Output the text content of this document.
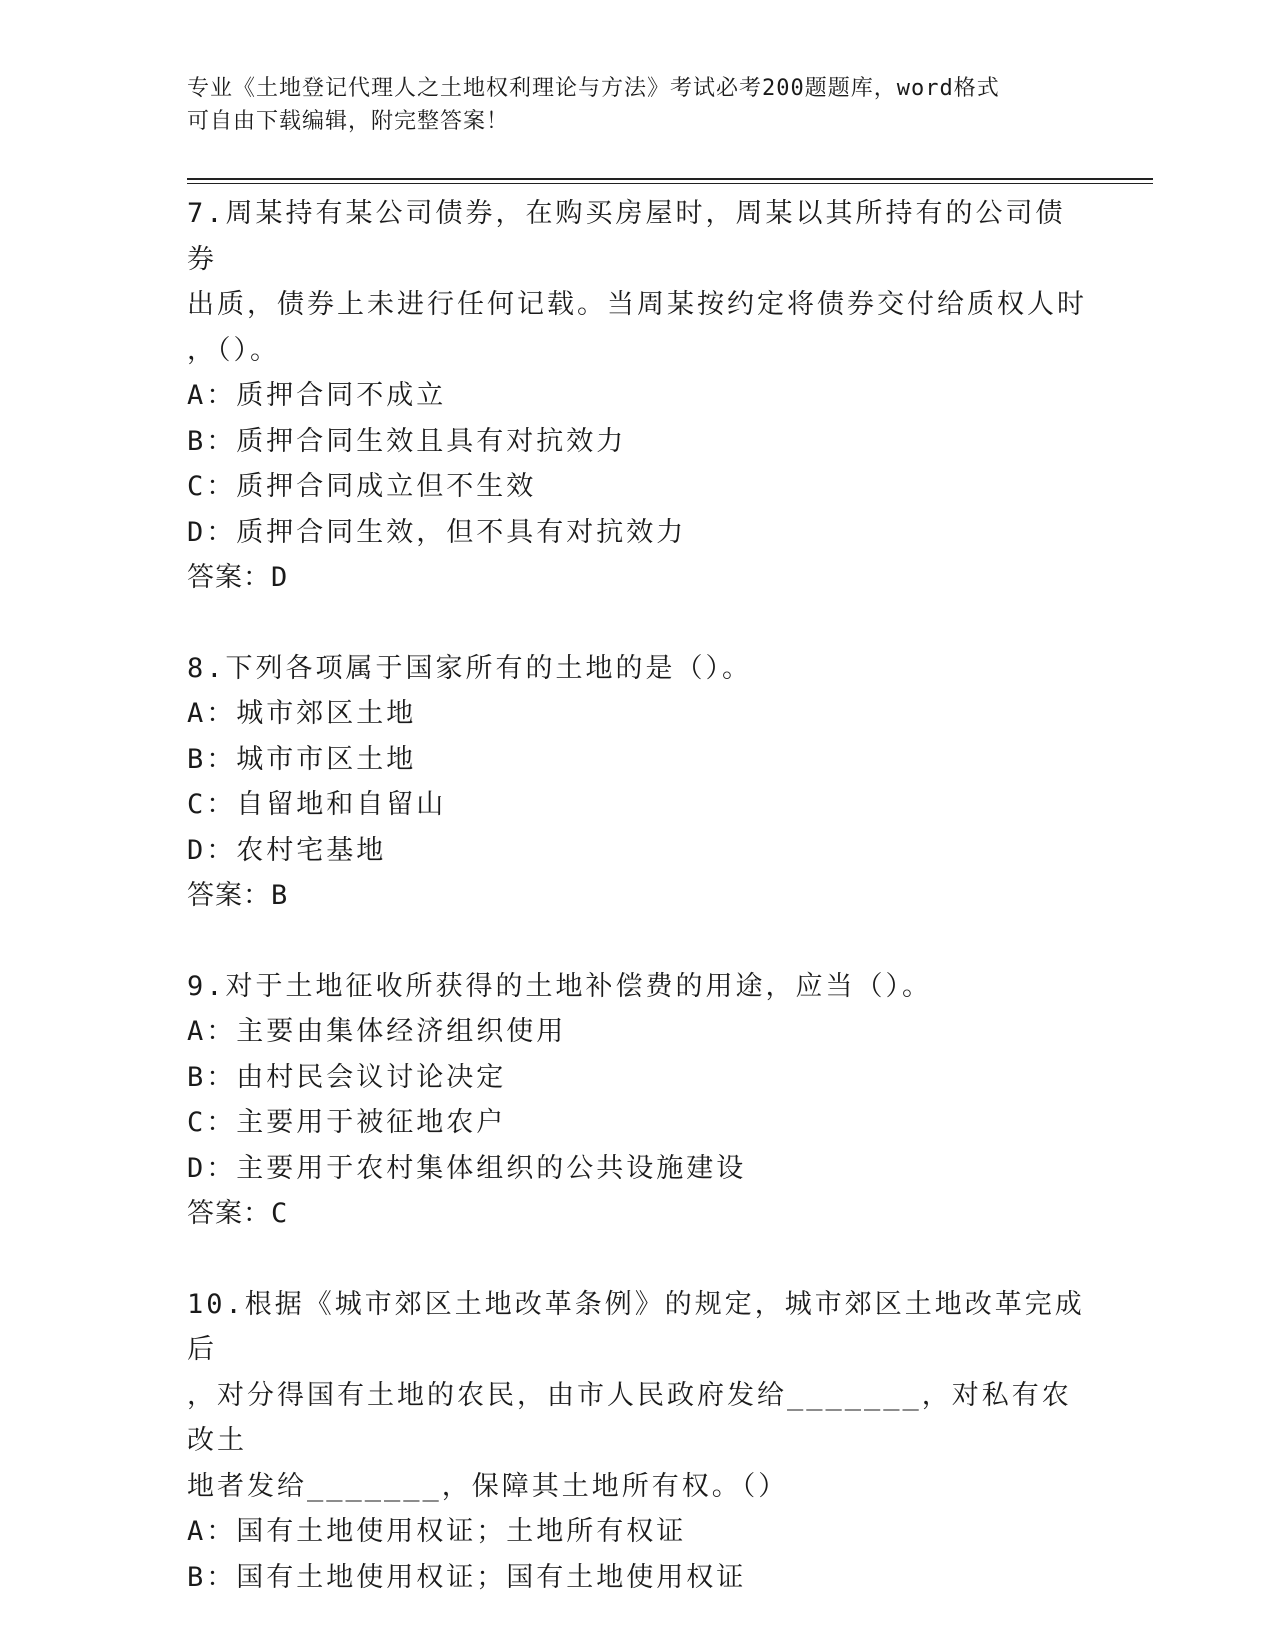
专业《土地登记代理人之土地权利理论与方法》考试必考200题题库，word格式
可自由下载编辑，附完整答案！
7.周某持有某公司债券，在购买房屋时，周某以其所持有的公司债券
出质，债券上未进行任何记载。当周某按约定将债券交付给质权人时
，（）。
A：质押合同不成立
B：质押合同生效且具有对抗效力
C：质押合同成立但不生效
D：质押合同生效，但不具有对抗效力
答案：D
8.下列各项属于国家所有的土地的是（）。
A：城市郊区土地
B：城市市区土地
C：自留地和自留山
D：农村宅基地
答案：B
9.对于土地征收所获得的土地补偿费的用途，应当（）。
A：主要由集体经济组织使用
B：由村民会议讨论决定
C：主要用于被征地农户
D：主要用于农村集体组织的公共设施建设
答案：C
10.根据《城市郊区土地改革条例》的规定，城市郊区土地改革完成后
，对分得国有土地的农民，由市人民政府发给_______，对私有农改土
地者发给_______，保障其土地所有权。（）
A：国有土地使用权证；土地所有权证
B：国有土地使用权证；国有土地使用权证
